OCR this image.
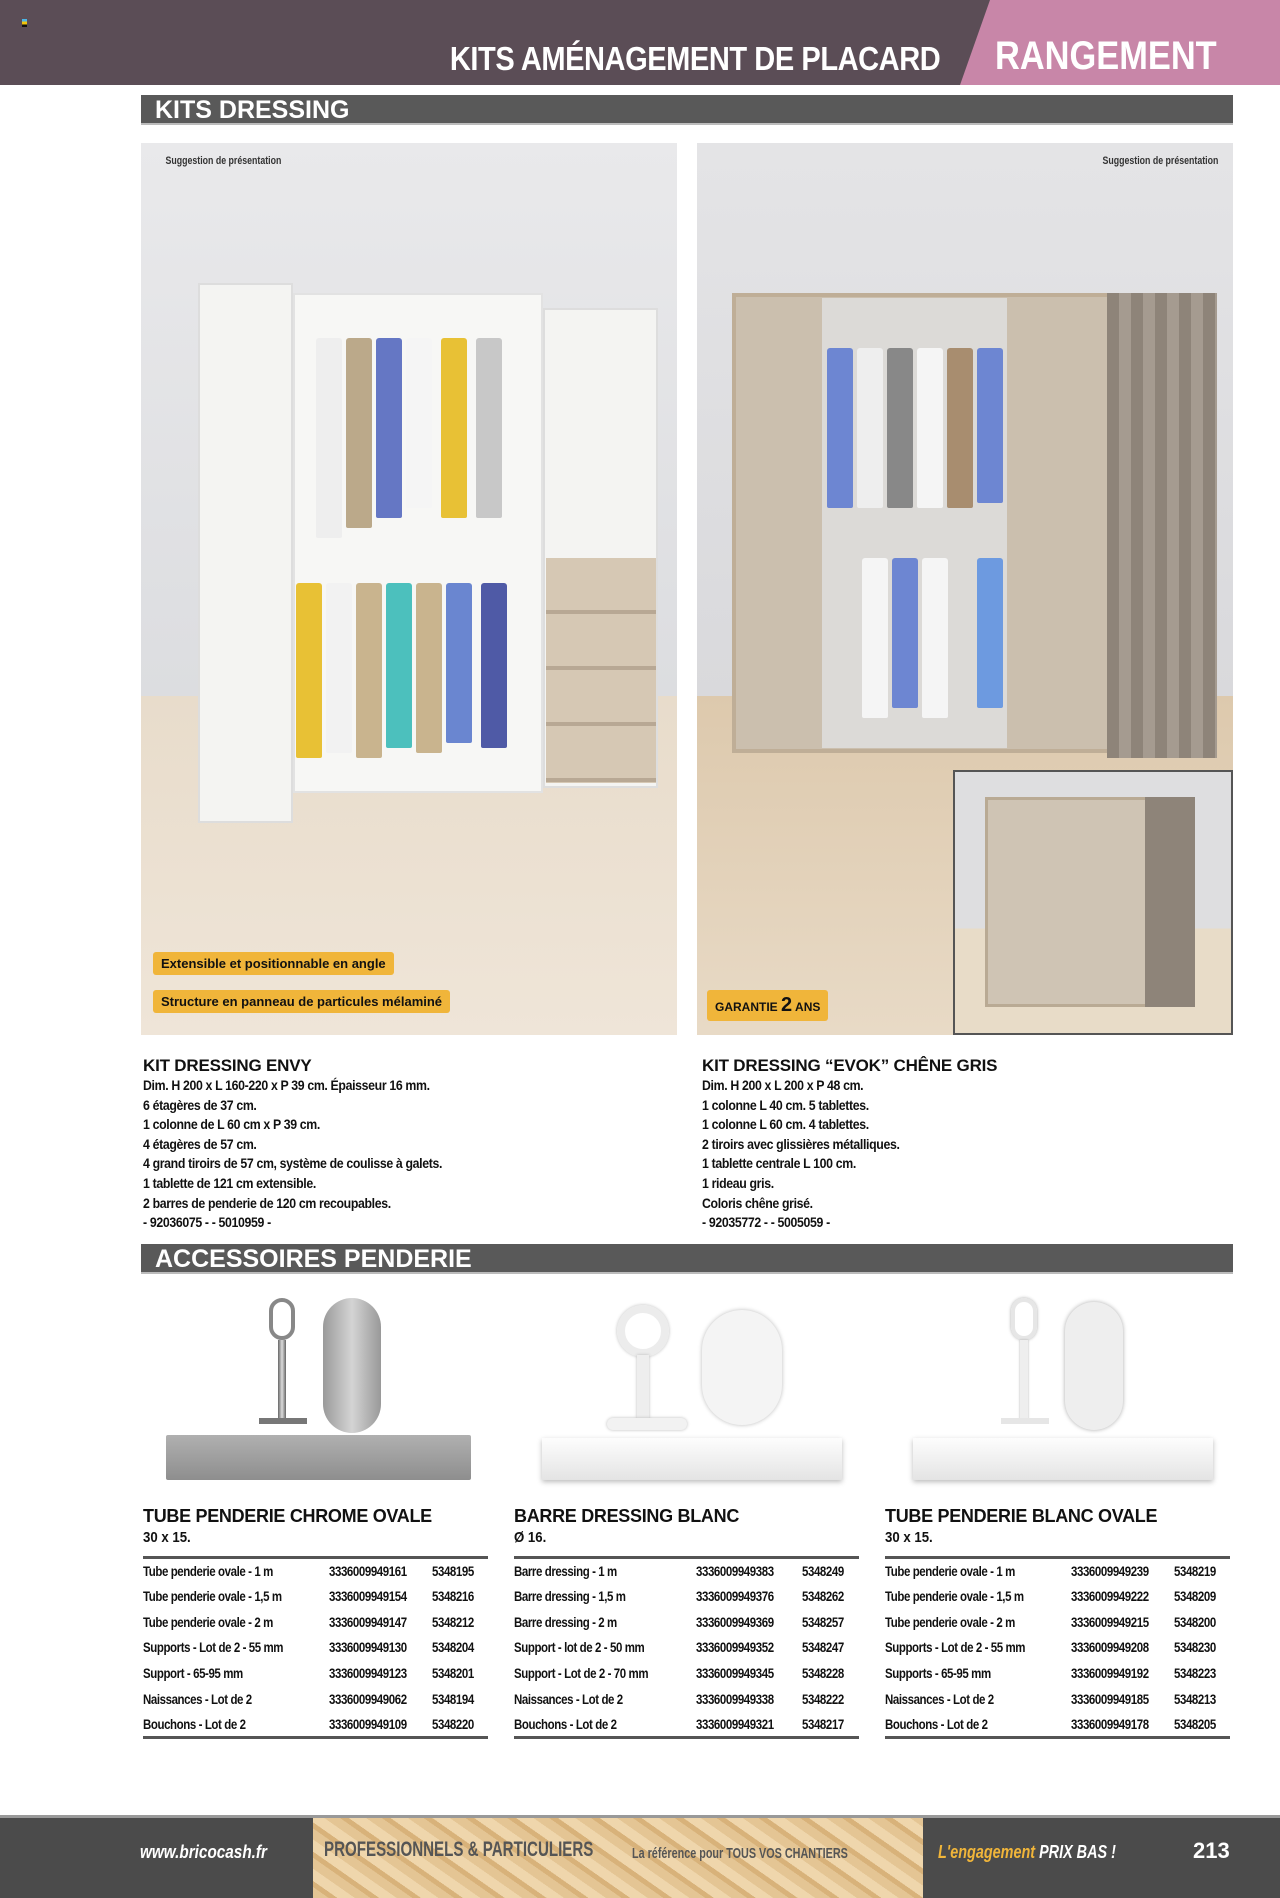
KITS AMÉNAGEMENT DE PLACARD RANGEMENT
KITS DRESSING
Suggestion de présentation
Extensible et positionnable en angle
Structure en panneau de particules mélaminé
Suggestion de présentation
GARANTIE 2 ANS
KIT DRESSING ENVY
Dim. H 200 x L 160-220 x P 39 cm. Épaisseur 16 mm.
6 étagères de 37 cm.
1 colonne de L 60 cm x P 39 cm.
4 étagères de 57 cm.
4 grand tiroirs de 57 cm, système de coulisse à galets.
1 tablette de 121 cm extensible.
2 barres de penderie de 120 cm recoupables.
- 92036075 - - 5010959 -
KIT DRESSING “EVOK” CHÊNE GRIS
Dim. H 200 x L 200 x P 48 cm.
1 colonne L 40 cm. 5 tablettes.
1 colonne L 60 cm. 4 tablettes.
2 tiroirs avec glissières métalliques.
1 tablette centrale L 100 cm.
1 rideau gris.
Coloris chêne grisé.
- 92035772 - - 5005059 -
ACCESSOIRES PENDERIE
TUBE PENDERIE CHROME OVALE
30 x 15.
Tube penderie ovale - 1 m	3336009949161	5348195
Tube penderie ovale - 1,5 m	3336009949154	5348216
Tube penderie ovale - 2 m	3336009949147	5348212
Supports - Lot de 2 - 55 mm	3336009949130	5348204
Support - 65-95 mm	3336009949123	5348201
Naissances - Lot de 2	3336009949062	5348194
Bouchons - Lot de 2	3336009949109	5348220
BARRE DRESSING BLANC
Ø 16.
Barre dressing - 1 m	3336009949383	5348249
Barre dressing - 1,5 m	3336009949376	5348262
Barre dressing - 2 m	3336009949369	5348257
Support - lot de 2 - 50 mm	3336009949352	5348247
Support - Lot de 2 - 70 mm	3336009949345	5348228
Naissances - Lot de 2	3336009949338	5348222
Bouchons - Lot de 2	3336009949321	5348217
TUBE PENDERIE BLANC OVALE
30 x 15.
Tube penderie ovale - 1 m	3336009949239	5348219
Tube penderie ovale - 1,5 m	3336009949222	5348209
Tube penderie ovale - 2 m	3336009949215	5348200
Supports - Lot de 2 - 55 mm	3336009949208	5348230
Supports - 65-95 mm	3336009949192	5348223
Naissances - Lot de 2	3336009949185	5348213
Bouchons - Lot de 2	3336009949178	5348205
www.bricocash.fr	PROFESSIONNELS & PARTICULIERS	La référence pour TOUS VOS CHANTIERS	L'engagement PRIX BAS !	213
